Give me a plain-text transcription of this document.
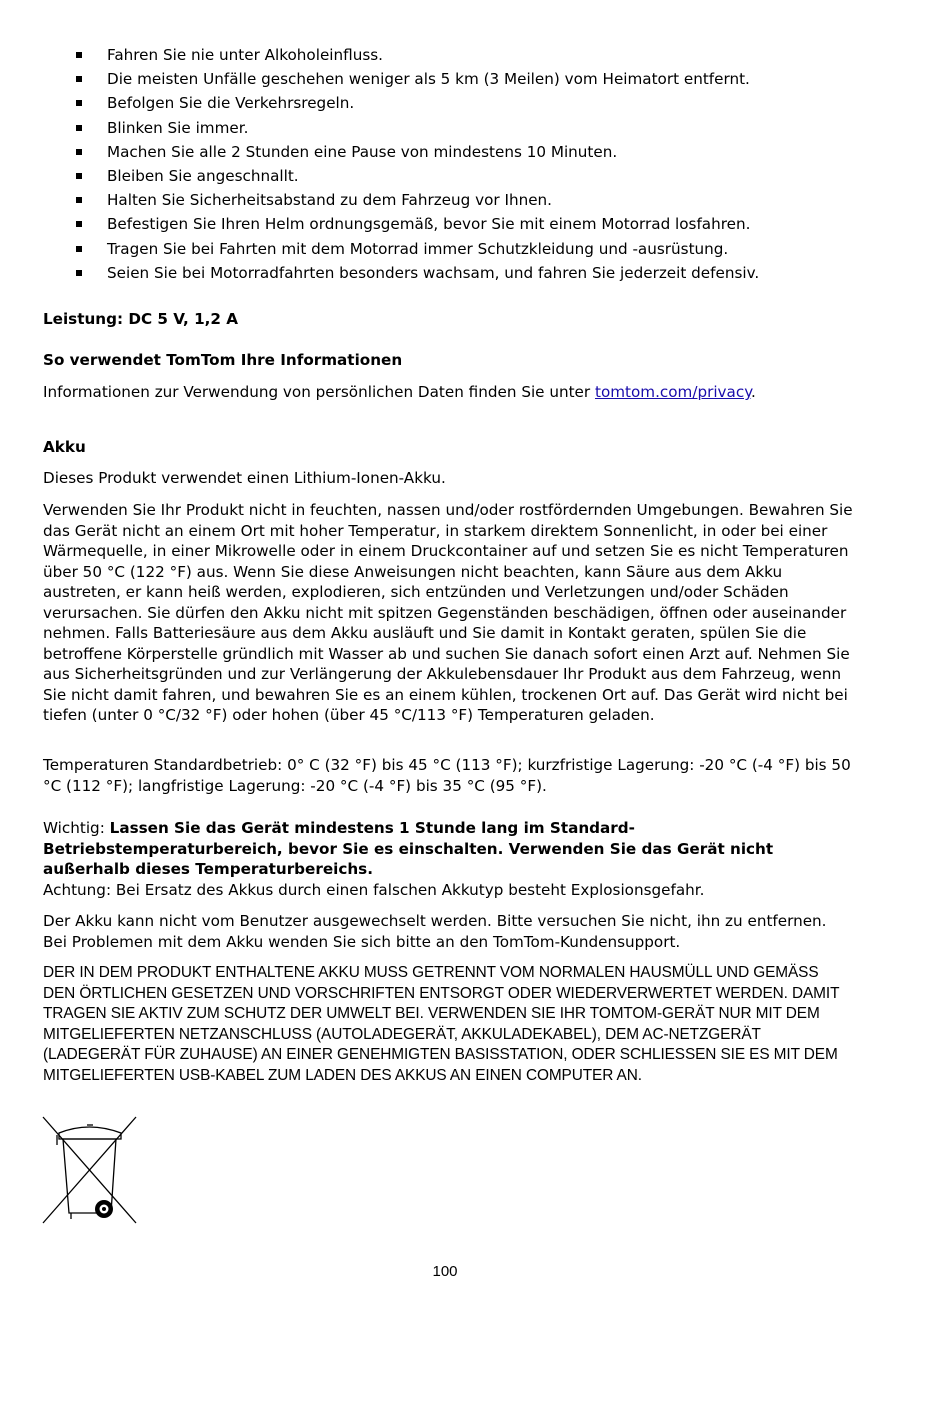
Fahren Sie nie unter Alkoholeinfluss.
Die meisten Unfälle geschehen weniger als 5 km (3 Meilen) vom Heimatort entfernt.
Befolgen Sie die Verkehrsregeln.
Blinken Sie immer.
Machen Sie alle 2 Stunden eine Pause von mindestens 10 Minuten.
Bleiben Sie angeschnallt.
Halten Sie Sicherheitsabstand zu dem Fahrzeug vor Ihnen.
Befestigen Sie Ihren Helm ordnungsgemäß, bevor Sie mit einem Motorrad losfahren.
Tragen Sie bei Fahrten mit dem Motorrad immer Schutzkleidung und -ausrüstung.
Seien Sie bei Motorradfahrten besonders wachsam, und fahren Sie jederzeit defensiv.

Leistung: DC 5 V, 1,2 A

So verwendet TomTom Ihre Informationen

Informationen zur Verwendung von persönlichen Daten finden Sie unter tomtom.com/privacy.

Akku

Dieses Produkt verwendet einen Lithium-Ionen-Akku.

Verwenden Sie Ihr Produkt nicht in feuchten, nassen und/oder rostfördernden Umgebungen. Bewahren Sie das Gerät nicht an einem Ort mit hoher Temperatur, in starkem direktem Sonnenlicht, in oder bei einer Wärmequelle, in einer Mikrowelle oder in einem Druckcontainer auf und setzen Sie es nicht Temperaturen über 50 °C (122 °F) aus. Wenn Sie diese Anweisungen nicht beachten, kann Säure aus dem Akku austreten, er kann heiß werden, explodieren, sich entzünden und Verletzungen und/oder Schäden verursachen. Sie dürfen den Akku nicht mit spitzen Gegenständen beschädigen, öffnen oder auseinander nehmen. Falls Batteriesäure aus dem Akku ausläuft und Sie damit in Kontakt geraten, spülen Sie die betroffene Körperstelle gründlich mit Wasser ab und suchen Sie danach sofort einen Arzt auf. Nehmen Sie aus Sicherheitsgründen und zur Verlängerung der Akkulebensdauer Ihr Produkt aus dem Fahrzeug, wenn Sie nicht damit fahren, und bewahren Sie es an einem kühlen, trockenen Ort auf. Das Gerät wird nicht bei tiefen (unter 0 °C/32 °F) oder hohen (über 45 °C/113 °F) Temperaturen geladen.

Temperaturen Standardbetrieb: 0° C (32 °F) bis 45 °C (113 °F); kurzfristige Lagerung: -20 °C (-4 °F) bis 50 °C (112 °F); langfristige Lagerung: -20 °C (-4 °F) bis 35 °C (95 °F).

Wichtig: Lassen Sie das Gerät mindestens 1 Stunde lang im Standard-Betriebstemperaturbereich, bevor Sie es einschalten. Verwenden Sie das Gerät nicht außerhalb dieses Temperaturbereichs.

Achtung: Bei Ersatz des Akkus durch einen falschen Akkutyp besteht Explosionsgefahr.

Der Akku kann nicht vom Benutzer ausgewechselt werden. Bitte versuchen Sie nicht, ihn zu entfernen. Bei Problemen mit dem Akku wenden Sie sich bitte an den TomTom-Kundensupport.

DER IN DEM PRODUKT ENTHALTENE AKKU MUSS GETRENNT VOM NORMALEN HAUSMÜLL UND GEMÄSS DEN ÖRTLICHEN GESETZEN UND VORSCHRIFTEN ENTSORGT ODER WIEDERVERWERTET WERDEN. DAMIT TRAGEN SIE AKTIV ZUM SCHUTZ DER UMWELT BEI. VERWENDEN SIE IHR TOMTOM-GERÄT NUR MIT DEM MITGELIEFERTEN NETZANSCHLUSS (AUTOLADEGERÄT, AKKULADEKABEL), DEM AC-NETZGERÄT (LADEGERÄT FÜR ZUHAUSE) AN EINER GENEHMIGTEN BASISSTATION, ODER SCHLIESSEN SIE ES MIT DEM MITGELIEFERTEN USB-KABEL ZUM LADEN DES AKKUS AN EINEN COMPUTER AN.

100
